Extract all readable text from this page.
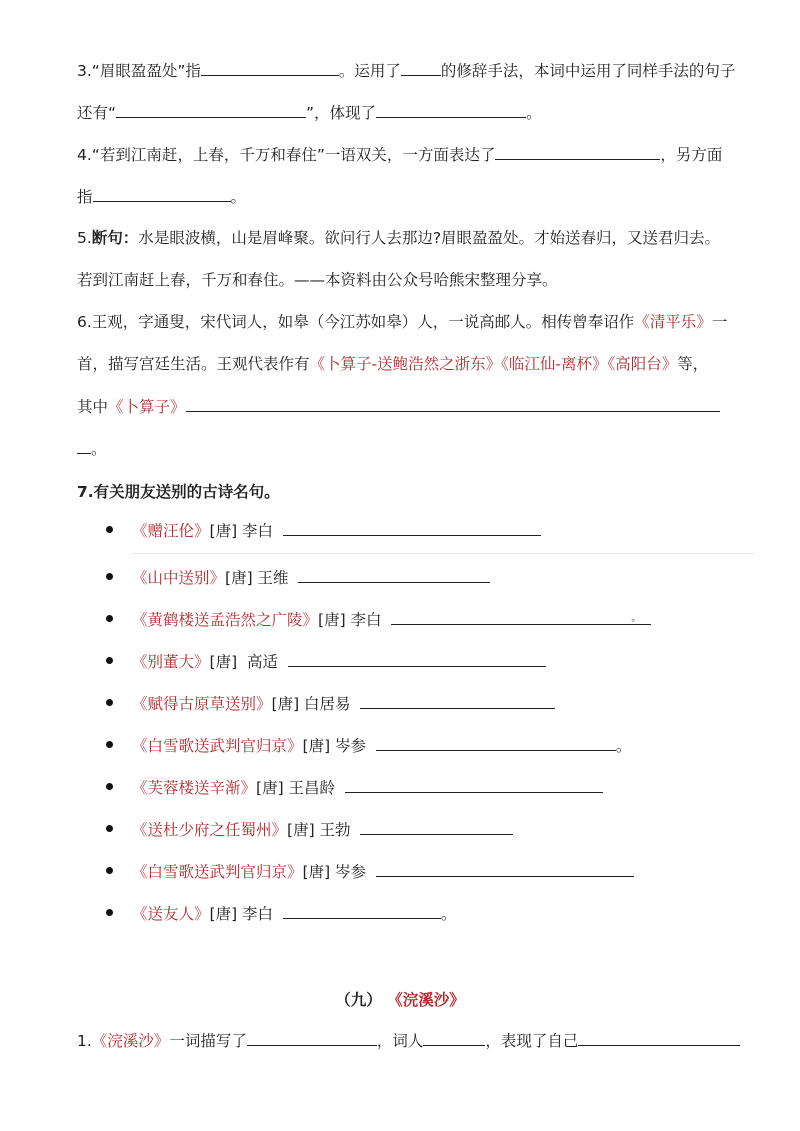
3.“眉眼盈盈处”指	。运用了	的修辞手法，本词中运用了同样手法的句子
还有“	”，体现了	。
4.“若到江南赶，上春，千万和春住”一语双关，一方面表达了	，另方面
指	。
5.断句：水是眼波横，山是眉峰聚。欲问行人去那边?眉眼盈盈处。才始送春归，又送君归去。
若到江南赶上春，千万和春住。——本资料由公众号哈熊宋整理分享。
6.王观，字通叟，宋代词人，如皋（今江苏如皋）人，一说高邮人。相传曾奉诏作《清平乐》一
首，描写宫廷生活。王观代表作有《卜算子-送鲍浩然之浙东》《临江仙-离杯》《高阳台》等，
其中《卜算子》
。
7.有关朋友送别的古诗名句。
《赠汪伦》[唐] 李白
《山中送别》[唐] 王维
《黄鹤楼送孟浩然之广陵》[唐] 李白	。
《别董大》[唐]  高适
《赋得古原草送别》[唐] 白居易
《白雪歌送武判官归京》[唐] 岑参	。
《芙蓉楼送辛渐》[唐] 王昌龄
《送杜少府之任蜀州》[唐] 王勃
《白雪歌送武判官归京》[唐] 岑参
《送友人》[唐] 李白	。
（九） 《浣溪沙》
1.《浣溪沙》一词描写了	，词人	，表现了自己
